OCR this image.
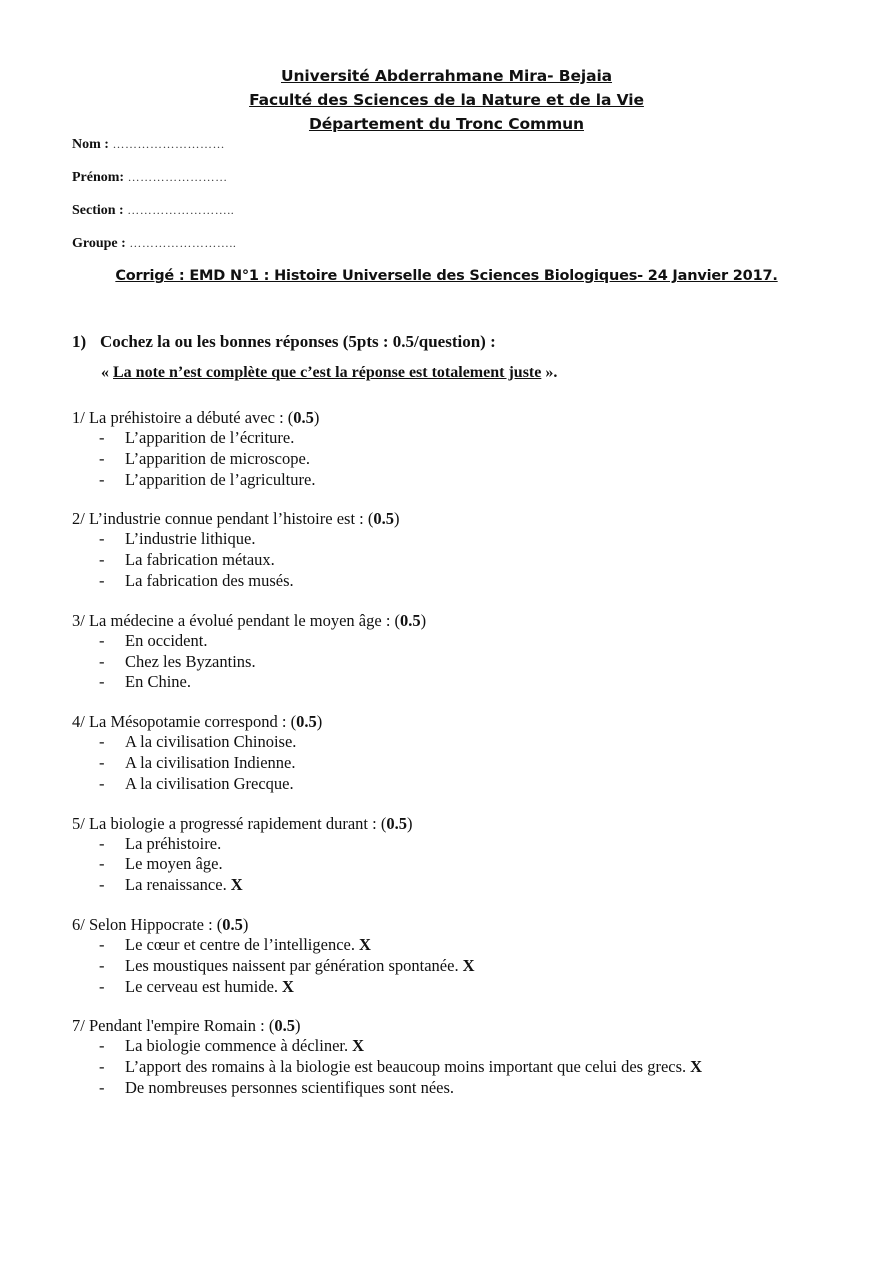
Université Abderrahmane Mira- Bejaia
Faculté des Sciences de la Nature et de la Vie
Département du Tronc Commun
Nom : ………………………
Prénom: ……………………
Section : ……………………..
Groupe : ……………………..
Corrigé : EMD N°1 : Histoire Universelle des Sciences Biologiques- 24 Janvier 2017.
1) Cochez la ou les bonnes réponses (5pts : 0.5/question) :
« La note n’est complète que c’est la réponse est totalement juste ».
1/ La préhistoire a débuté avec : (0.5)
- L’apparition de l’écriture.
- L’apparition de microscope.
- L’apparition de l’agriculture.
2/ L’industrie connue pendant l’histoire est : (0.5)
- L’industrie lithique.
- La fabrication métaux.
- La fabrication des musés.
3/ La médecine a évolué pendant le moyen âge : (0.5)
- En occident.
- Chez les Byzantins.
- En Chine.
4/ La Mésopotamie correspond : (0.5)
- A la civilisation Chinoise.
- A la civilisation Indienne.
- A la civilisation Grecque.
5/ La biologie a progressé rapidement durant : (0.5)
- La préhistoire.
- Le moyen âge.
- La renaissance. X
6/ Selon Hippocrate : (0.5)
- Le cœur et centre de l’intelligence. X
- Les moustiques naissent par génération spontanée. X
- Le cerveau est humide. X
7/ Pendant l'empire Romain : (0.5)
- La biologie commence à décliner. X
- L’apport des romains à la biologie est beaucoup moins important que celui des grecs. X
- De nombreuses personnes scientifiques sont nées.
